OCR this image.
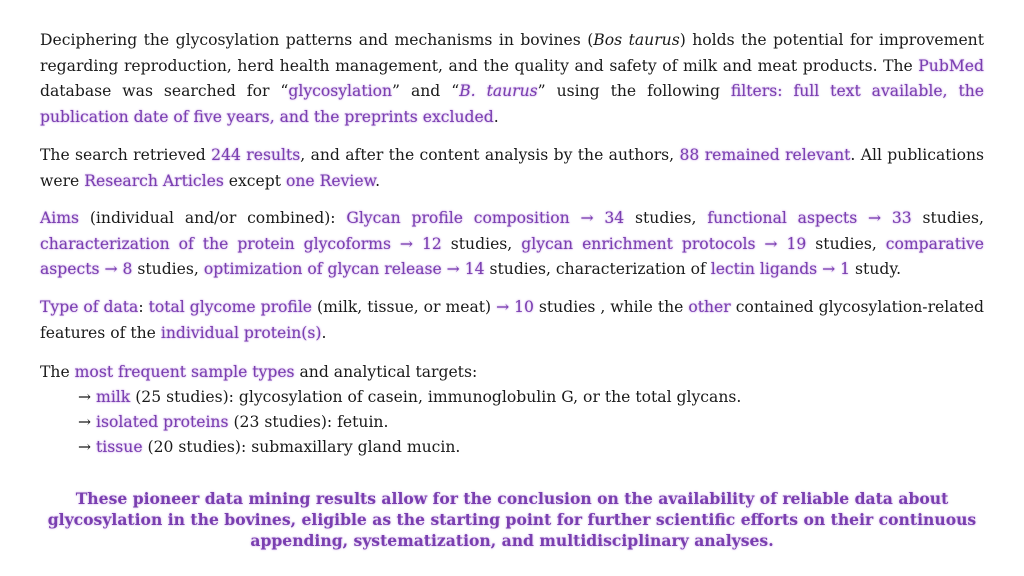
Deciphering the glycosylation patterns and mechanisms in bovines (Bos taurus) holds the potential for improvement regarding reproduction, herd health management, and the quality and safety of milk and meat products. The PubMed database was searched for “glycosylation” and “B. taurus” using the following filters: full text available, the publication date of five years, and the preprints excluded.

The search retrieved 244 results, and after the content analysis by the authors, 88 remained relevant. All publications were Research Articles except one Review.

Aims (individual and/or combined): Glycan profile composition → 34 studies, functional aspects → 33 studies, characterization of the protein glycoforms → 12 studies, glycan enrichment protocols → 19 studies, comparative aspects → 8 studies, optimization of glycan release → 14 studies, characterization of lectin ligands → 1 study.

Type of data: total glycome profile (milk, tissue, or meat) → 10 studies , while the other contained glycosylation-related features of the individual protein(s).

The most frequent sample types and analytical targets:

→ milk (25 studies): glycosylation of casein, immunoglobulin G, or the total glycans.

→ isolated proteins (23 studies): fetuin.

→ tissue (20 studies): submaxillary gland mucin.

These pioneer data mining results allow for the conclusion on the availability of reliable data about glycosylation in the bovines, eligible as the starting point for further scientific efforts on their continuous appending, systematization, and multidisciplinary analyses.
